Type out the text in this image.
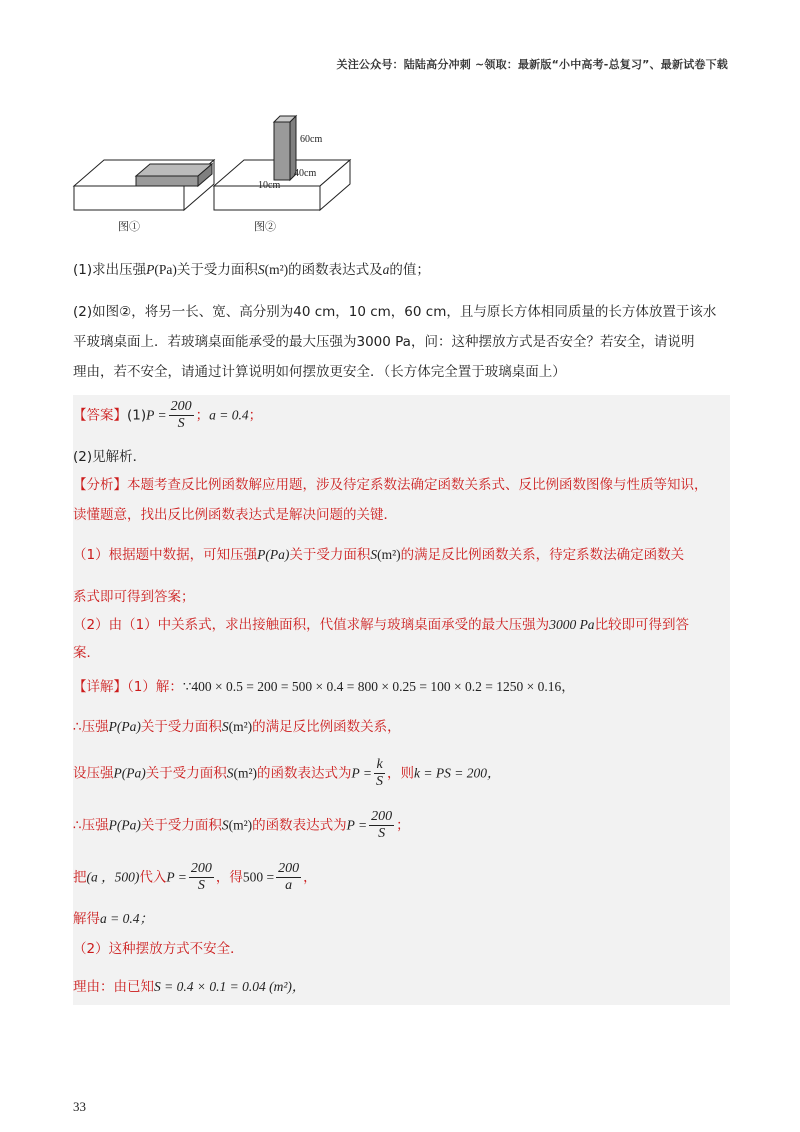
关注公众号：陆陆高分冲刺 ~领取：最新版“小中高考-总复习”、最新试卷下载
图①
60cm
40cm
10cm
图②
(1)求出压强P(Pa)关于受力面积S(m²)的函数表达式及a的值；
(2)如图②，将另一长、宽、高分别为40 cm，10 cm，60 cm，且与原长方体相同质量的长方体放置于该水
平玻璃桌面上．若玻璃桌面能承受的最大压强为3000 Pa，问：这种摆放方式是否安全？若安全，请说明
理由，若不安全，请通过计算说明如何摆放更安全．（长方体完全置于玻璃桌面上）
【答案】$(1)P = \frac{200}{S}$ ；a = 0.4；
(2)见解析．
【分析】本题考查反比例函数解应用题，涉及待定系数法确定函数关系式、反比例函数图像与性质等知识，
读懂题意，找出反比例函数表达式是解决问题的关键．
（1）根据题中数据，可知压强P(Pa)关于受力面积S(m²)的满足反比例函数关系，待定系数法确定函数关
系式即可得到答案；
（2）由（1）中关系式，求出接触面积，代值求解与玻璃桌面承受的最大压强为3000 Pa比较即可得到答
案．
【详解】（1）解：∵400 × 0.5 = 200 = 500 × 0.4 = 800 × 0.25 = 100 × 0.2 = 1250 × 0.16，
∴压强P(Pa)关于受力面积S(m²)的满足反比例函数关系，
设压强P(Pa)关于受力面积S(m²)的函数表达式为$P = \frac{k}{S}$ ，则k = PS = 200，
∴压强P(Pa)关于受力面积S(m²)的函数表达式为$P = \frac{200}{S}$ ；
把(a ，500)代入$P = \frac{200}{S}$ ，得$500 = \frac{200}{a}$ ，
解得a = 0.4；
（2）这种摆放方式不安全．
理由：由已知S = 0.4 × 0.1 = 0.04 (m²)，
33
